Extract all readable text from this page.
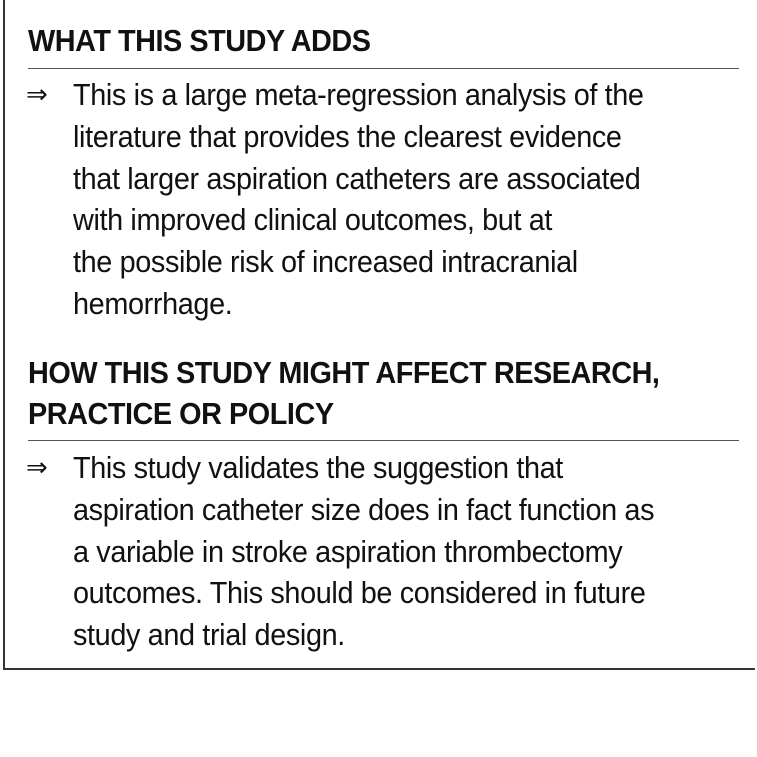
WHAT THIS STUDY ADDS
⇒ This is a large meta-regression analysis of the
literature that provides the clearest evidence
that larger aspiration catheters are associated
with improved clinical outcomes, but at
the possible risk of increased intracranial
hemorrhage.
HOW THIS STUDY MIGHT AFFECT RESEARCH,
PRACTICE OR POLICY
⇒ This study validates the suggestion that
aspiration catheter size does in fact function as
a variable in stroke aspiration thrombectomy
outcomes. This should be considered in future
study and trial design.
